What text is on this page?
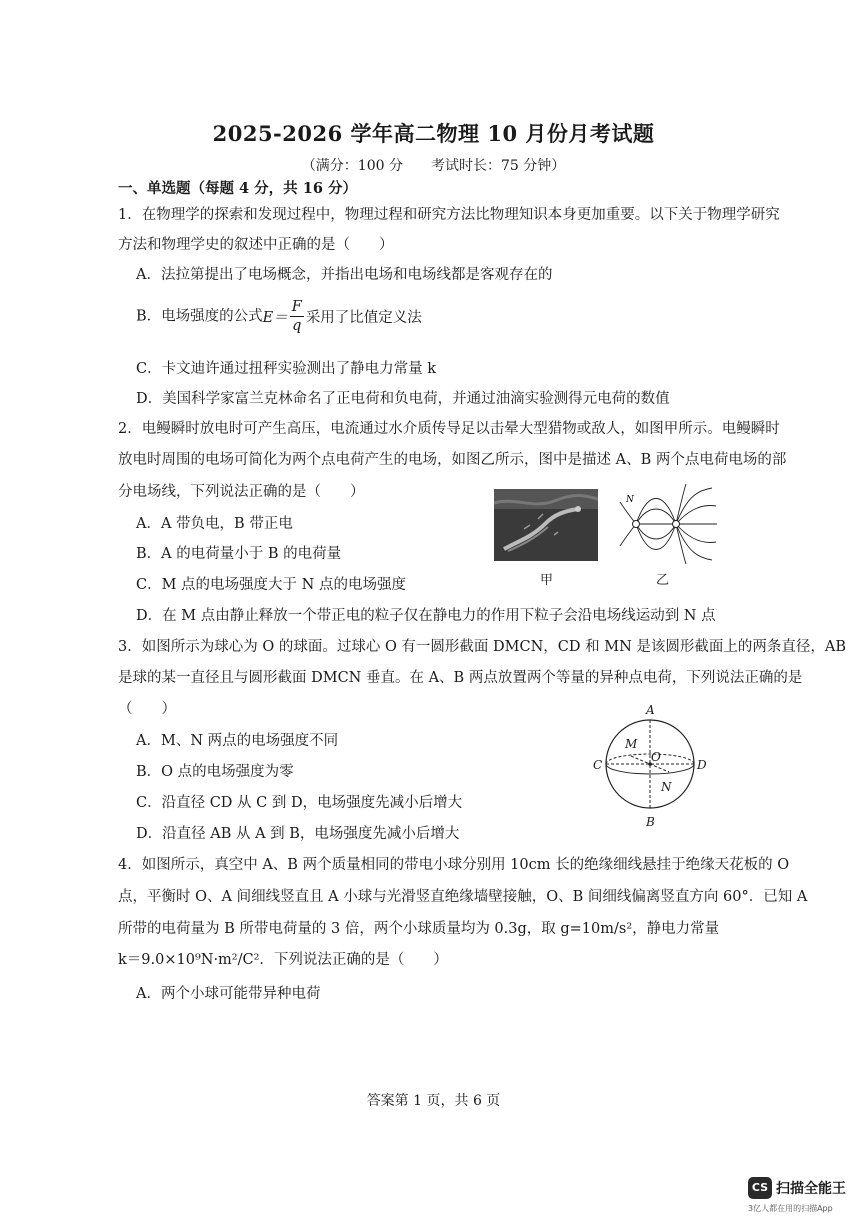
2025-2026 学年高二物理 10 月份月考试题
（满分：100 分　　考试时长：75 分钟）
一、单选题（每题 4 分，共 16 分）
1．在物理学的探索和发现过程中，物理过程和研究方法比物理知识本身更加重要。以下关于物理学研究
方法和物理学史的叙述中正确的是（　　）
A．法拉第提出了电场概念，并指出电场和电场线都是客观存在的
B．电场强度的公式$E= \frac{F}{q}$ 采用了比值定义法
C．卡文迪许通过扭秤实验测出了静电力常量 k
D．美国科学家富兰克林命名了正电荷和负电荷，并通过油滴实验测得元电荷的数值
2．电鳗瞬时放电时可产生高压，电流通过水介质传导足以击晕大型猎物或敌人，如图甲所示。电鳗瞬时
放电时周围的电场可简化为两个点电荷产生的电场，如图乙所示，图中是描述 A、B 两个点电荷电场的部
分电场线，下列说法正确的是（　　）
A．A 带负电，B 带正电
B．A 的电荷量小于 B 的电荷量
C．M 点的电场强度大于 N 点的电场强度
D．在 M 点由静止释放一个带正电的粒子仅在静电力的作用下粒子会沿电场线运动到 N 点
甲
N
乙
3．如图所示为球心为 O 的球面。过球心 O 有一圆形截面 DMCN，CD 和 MN 是该圆形截面上的两条直径，AB
是球的某一直径且与圆形截面 DMCN 垂直。在 A、B 两点放置两个等量的异种点电荷，下列说法正确的是
（　　）
A．M、N 两点的电场强度不同
B．O 点的电场强度为零
C．沿直径 CD 从 C 到 D，电场强度先减小后增大
D．沿直径 AB 从 A 到 B，电场强度先减小后增大
A
B
C	D
M
N
O
4．如图所示，真空中 A、B 两个质量相同的带电小球分别用 10cm 长的绝缘细线悬挂于绝缘天花板的 O
点，平衡时 O、A 间细线竖直且 A 小球与光滑竖直绝缘墙壁接触，O、B 间细线偏离竖直方向 60°．已知 A
所带的电荷量为 B 所带电荷量的 3 倍，两个小球质量均为 0.3g，取 g=10m/s²，静电力常量
k＝9.0×10⁹N·m²/C²．下列说法正确的是（　　）
A．两个小球可能带异种电荷
答案第 1 页，共 6 页
CS 扫描全能王
3亿人都在用的扫描App
